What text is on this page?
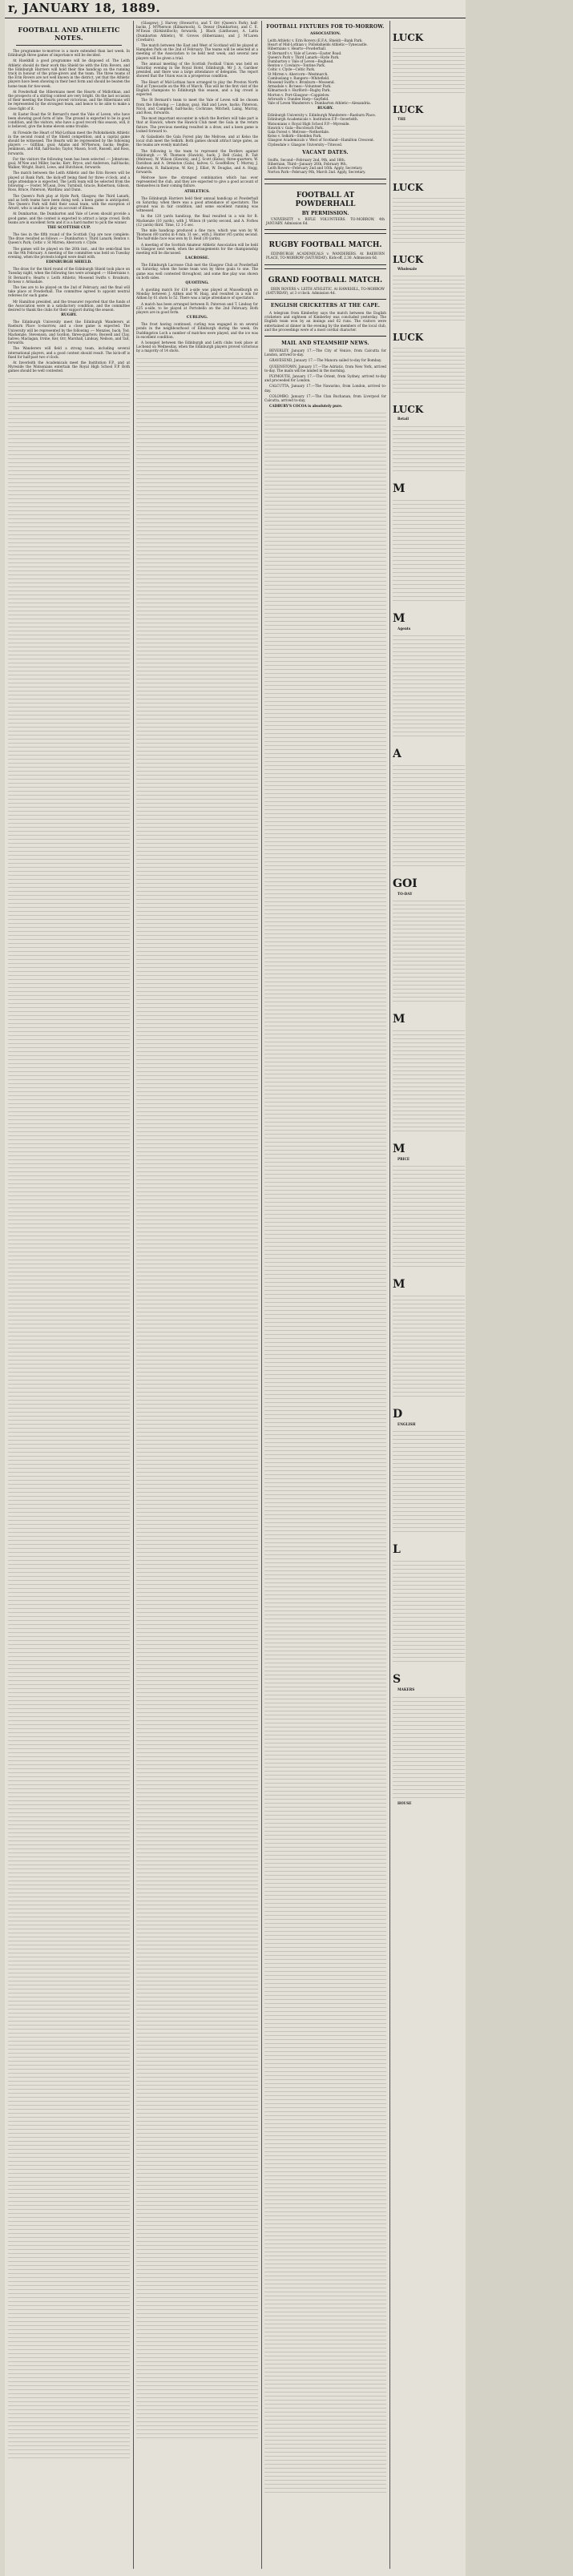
r, JANUARY 18, 1889.
FOOTBALL AND ATHLETIC NOTES.
The programme to-morrow is a more extended than last week. In Edinburgh three games of importance will be decided.
At Hawkhill a good programme will be disposed of. The Leith Athletic should do their work this Shield tie with the Erin Rovers, and the Edinburgh Harriers will hold their fine handicap on the running track in honour of the prize-givers and the team. The three teams of the Erin Rovers are not well known in the district, yet that the Athletic players have been showing in their best form and should be beaten the home team for ties-week.
At Powderhall the Hibernians meet the Hearts of Midlothian, and the prospects of a stirring contest are very bright. On the last occasion of their meeting the Hearts proved victorious, and the Hibernians will be represented by the strongest team, and hence to be able to make a close fight of it.
At Easter Road the St Bernard's meet the Vale of Leven, who have been showing good form of late. The ground is expected to be in good condition, and the visitors, who have a good record this season, will, it is believed, give the home eleven some trouble.
At Fireside the Heart of Mid-Lothian meet the Pollokshields Athletic in the second round of the Shield competition, and a capital game should be witnessed. The Hearts will be represented by the following players :— Gilfillan, goal; Adams and M'Pherson, backs; Begbie, Jenkinson, and Hill, half-backs; Taylor, Mason, Scott, Russell, and Ross, forwards.
For the visitors the following team has been selected :— Johnstone, goal; M'Nee and Miller, backs; Kerr, Bryce, and Anderson, half-backs; Walker, Wright, Baird, Lowe, and Hutchison, forwards.
The match between the Leith Athletic and the Erin Rovers will be played at Bank Park, the kick-off being fixed for three o'clock, and a large attendance is expected. The Leith team will be selected from the following :— Foster, M'Lean, Dow, Turnbull, Gracie, Robertson, Gibson, Ross, Bruce, Paterson, Wardlaw, and Dunn.
The Queen's Park play at Hyde Park, Glasgow, the Third Lanark, and as both teams have been doing well, a keen game is anticipated. The Queen's Park will field their usual team, with the exception of Arnott, who is unable to play on account of illness.
At Dumbarton, the Dumbarton and Vale of Leven should provide a good game, and the contest is expected to attract a large crowd. Both teams are in excellent form and it is a hard matter to pick the winner.
THE SCOTTISH CUP.
The ties in the fifth round of the Scottish Cup are now complete. The draw resulted as follows :— Dumbarton v. Third Lanark; Renton v. Queen's Park; Celtic v. St Mirren; Abercorn v. Clyde.
The games will be played on the 26th inst., and the semi-final ties on the 9th February. A meeting of the committee was held on Tuesday evening, when the protests lodged were dealt with.
EDINBURGH SHIELD.
The draw for the third round of the Edinburgh Shield took place on Tuesday night, when the following ties were arranged :— Hibernians v. St Bernard's; Hearts v. Leith Athletic; Mossend Swifts v. Broxburn; Bo'ness v. Armadale.
The ties are to be played on the 2nd of February, and the final will take place at Powderhall. The committee agreed to appoint neutral referees for each game.
Mr Hamilton presided, and the treasurer reported that the funds of the Association were in a satisfactory condition, and the committee desired to thank the clubs for their support during the season.
RUGBY.
The Edinburgh University meet the Edinburgh Wanderers at Raeburn Place to-morrow, and a close game is expected. The University will be represented by the following :— Menzies, back; Tod, Mackenzie, Stevenson, and Gordon, three-quarters; Boswell and Clay, halves; Maclagan, Irvine, Ker, Orr, Marshall, Lindsay, Neilson, and Tait, forwards.
The Wanderers will field a strong team, including several international players, and a good contest should result. The kick-off is fixed for half-past two o'clock.
At Inverleith the Academicals meet the Institution F.P., and at Myreside the Watsonians entertain the Royal High School F.P. Both games should be well contested.
(Glasgow); J. Harvey (Stewart's), and T. Orr (Queen's Park); half-backs, J. M'Pherson (Kilmarnock), G. Dewar (Dumbarton), and C. E. M'Ewan (Kirkintilloch); forwards, J. Black (Linthouse), A. Latta (Dumbarton Athletic), W. Groves (Hibernians), and J. M'Laren (Cowlairs).
The match between the East and West of Scotland will be played at Hampden Park on the 2nd of February. The teams will be selected at a meeting of the Association to be held next week, and several new players will be given a trial.
The annual meeting of the Scottish Football Union was held on Saturday evening in the Royal Hotel, Edinburgh. Mr J. A. Gardner presided, and there was a large attendance of delegates. The report showed that the Union was in a prosperous condition.
The Heart of Mid-Lothian have arranged to play the Preston North End at Tynecastle on the 9th of March. This will be the first visit of the English champions to Edinburgh this season, and a big crowd is expected.
The St Bernard's team to meet the Vale of Leven will be chosen from the following :— Lindsay, goal; Hall and Lowe, backs; Paterson, Nicol, and Campbell, half-backs; Cochrane, Mitchell, Laing, Murray, and Ross, forwards.
The most important encounter in which the Borders will take part is that at Hawick, where the Hawick Club meet the Gala in the return fixture. The previous meeting resulted in a draw, and a keen game is looked forward to.
At Galashiels the Gala Forest play the Melrose, and at Kelso the local club meet the Selkirk. Both games should attract large gates, as the teams are evenly matched.
The following is the team to represent the Borders against Edinburgh :— W. Thomson (Hawick), back; J. Bell (Gala), R. Tait (Melrose), W. Wilson (Hawick), and J. Scott (Kelso), three-quarters; W. Davidson and A. Ormiston (Gala), halves; G. Goodfellow, T. Murray, J. Anderson, R. Ballantyne, W. Ker, J. Elliot, W. Douglas, and A. Hogg, forwards.
Melrose have the strongest combination which has ever represented the club, and they are expected to give a good account of themselves in their coming fixture.
ATHLETICS.
The Edinburgh Harriers held their annual handicap at Powderhall on Saturday, when there was a good attendance of spectators. The ground was in fair condition, and some excellent running was witnessed.
In the 120 yards handicap, the final resulted in a win for R. Mackenzie (10 yards), with J. Wilson (8 yards) second, and A. Forbes (12 yards) third. Time, 12 1-5 sec.
The mile handicap produced a fine race, which was won by W. Thomson (60 yards) in 4 min. 31 sec., with J. Hunter (45 yards) second. The half-mile race was won by D. Reid (30 yards).
A meeting of the Scottish Amateur Athletic Association will be held in Glasgow next week, when the arrangements for the championship meeting will be discussed.
LACROSSE.
The Edinburgh Lacrosse Club met the Glasgow Club at Powderhall on Saturday, when the home team won by three goals to one. The game was well contested throughout, and some fine play was shown on both sides.
QUOITING.
A quoiting match for £10 a-side was played at Musselburgh on Monday between J. Aitken and W. Haig, and resulted in a win for Aitken by 61 shots to 52. There was a large attendance of spectators.
A match has been arranged between R. Paterson and T. Lindsay for £25 a-side, to be played at Portobello on the 2nd February. Both players are in good form.
CURLING.
The frost having continued, curling was engaged in on several ponds in the neighbourhood of Edinburgh during the week. On Duddingston Loch a number of matches were played, and the ice was in excellent condition.
A bonspiel between the Edinburgh and Leith clubs took place at Lochend on Wednesday, when the Edinburgh players proved victorious by a majority of 14 shots.
FOOTBALL FIXTURES FOR TO-MORROW.
ASSOCIATION.
Leith Athletic v. Erin Rovers (E.F.A. Shield)—Bank Park.
Heart of Mid-Lothian v. Pollokshields Athletic—Tynecastle.
Hibernians v. Hearts—Powderhall.
St Bernard's v. Vale of Leven—Easter Road.
Queen's Park v. Third Lanark—Hyde Park.
Dumbarton v. Vale of Leven—Boghead.
Renton v. Cowlairs—Tontine Park.
Celtic v. Clyde—Celtic Park.
St Mirren v. Abercorn—Westmarch.
Cambuslang v. Rangers—Whitefield.
Mossend Swifts v. Broxburn—Mossend.
Armadale v. Bo'ness—Volunteer Park.
Kilmarnock v. Hurlford—Rugby Park.
Morton v. Port-Glasgow—Cappielow.
Arbroath v. Dundee Harp—Gayfield.
Vale of Leven Wanderers v. Dumbarton Athletic—Alexandria.
RUGBY.
Edinburgh University v. Edinburgh Wanderers—Raeburn Place.
Edinburgh Academicals v. Institution F.P.—Inverleith.
Watsonians v. Royal High School F.P.—Myreside.
Hawick v. Gala—Buccleuch Park.
Gala Forest v. Melrose—Netherdale.
Kelso v. Selkirk—Shedden Park.
Glasgow Academicals v. West of Scotland—Hamilton Crescent.
Clydesdale v. Glasgow University—Titwood.
VACANT DATES.
Swifts, Second—February 2nd, 9th, and 16th.
Hibernian, Third—January 26th, February 9th.
Leith Rovers—February 2nd and 16th. Apply, Secretary.
Norton Park—February 9th, March 2nd. Apply, Secretary.
FOOTBALL AT POWDERHALL
BY PERMISSION.
UNIVERSITY v. RIFLE VOLUNTEERS. TO-MORROW, 4th JANUARY. Admission 6d.
RUGBY FOOTBALL MATCH.
EDINBURGH ACADEMICALS v. WANDERERS. At RAEBURN PLACE, TO-MORROW (SATURDAY). Kick-off, 2.30. Admission 6d.
GRAND FOOTBALL MATCH.
ERIN ROVERS v. LEITH ATHLETIC. At HAWKHILL, TO-MORROW (SATURDAY), at 3 o'clock. Admission 4d.
ENGLISH CRICKETERS AT THE CAPE.
A telegram from Kimberley says the match between the English cricketers and eighteen of Kimberley was concluded yesterday. The English team won by an innings and 62 runs. The visitors were entertained at dinner in the evening by the members of the local club, and the proceedings were of a most cordial character.
MAIL AND STEAMSHIP NEWS.
BEVERLEY, January 17.—The City of Venice, from Calcutta for London, arrived to-day.
GRAVESEND, January 17.—The Manora sailed to-day for Bombay.
QUEENSTOWN, January 17.—The Adriatic, from New York, arrived to-day. The mails will be landed in the morning.
PLYMOUTH, January 17.—The Orient, from Sydney, arrived to-day and proceeded for London.
CALCUTTA, January 17.—The Nawarino, from London, arrived to-day.
COLOMBO, January 17.—The Clan Buchanan, from Liverpool for Calcutta, arrived to-day.
CADBURY'S COCOA is absolutely pure.
LUCK
LUCK
THE
LUCK
LUCK
Wholesale
LUCK
LUCK
Retail
M
M
Agents
A
GOI
TO-DAY
M
M
PRICE
M
D
ENGLISH
L
S
MAKERS
HOUSE
